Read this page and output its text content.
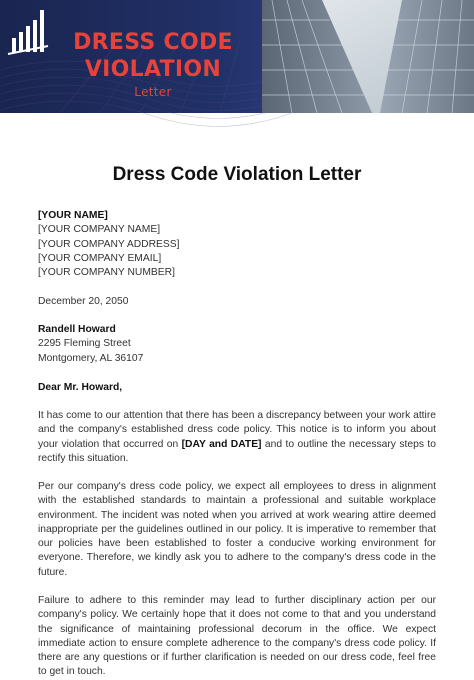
DRESS CODE
VIOLATION
Letter
Dress Code Violation Letter
[YOUR NAME]
[YOUR COMPANY NAME]
[YOUR COMPANY ADDRESS]
[YOUR COMPANY EMAIL]
[YOUR COMPANY NUMBER]
December 20, 2050
Randell Howard
2295 Fleming Street
Montgomery, AL 36107
Dear Mr. Howard,
It has come to our attention that there has been a discrepancy between your work attire and the company's established dress code policy. This notice is to inform you about your violation that occurred on [DAY and DATE] and to outline the necessary steps to rectify this situation.
Per our company's dress code policy, we expect all employees to dress in alignment with the established standards to maintain a professional and suitable workplace environment. The incident was noted when you arrived at work wearing attire deemed inappropriate per the guidelines outlined in our policy. It is imperative to remember that our policies have been established to foster a conducive working environment for everyone. Therefore, we kindly ask you to adhere to the company's dress code in the future.
Failure to adhere to this reminder may lead to further disciplinary action per our company's policy. We certainly hope that it does not come to that and you understand the significance of maintaining professional decorum in the office. We expect immediate action to ensure complete adherence to the company's dress code policy. If there are any questions or if further clarification is needed on our dress code, feel free to get in touch.
